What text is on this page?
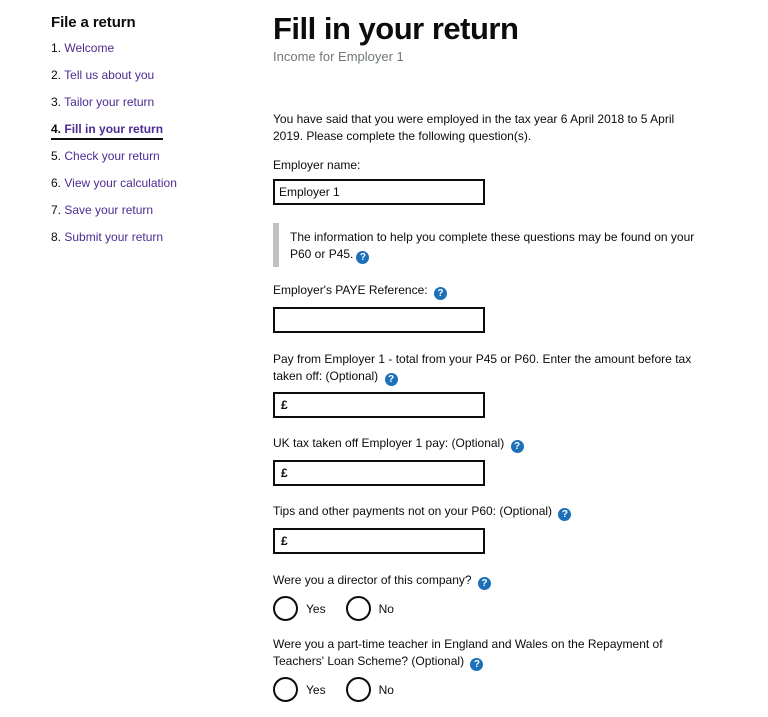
File a return
1. Welcome
2. Tell us about you
3. Tailor your return
4. Fill in your return
5. Check your return
6. View your calculation
7. Save your return
8. Submit your return
Fill in your return
Income for Employer 1

You have said that you were employed in the tax year 6 April 2018 to 5 April 2019. Please complete the following question(s).

Employer name:
Employer 1
The information to help you complete these questions may be found on your P60 or P45. ?
Employer's PAYE Reference: ?
Pay from Employer 1 - total from your P45 or P60. Enter the amount before tax taken off: (Optional) ?
£
UK tax taken off Employer 1 pay: (Optional) ?
£
Tips and other payments not on your P60: (Optional) ?
£
Were you a director of this company? ?
Yes	No
Were you a part-time teacher in England and Wales on the Repayment of Teachers' Loan Scheme? (Optional) ?
Yes	No
